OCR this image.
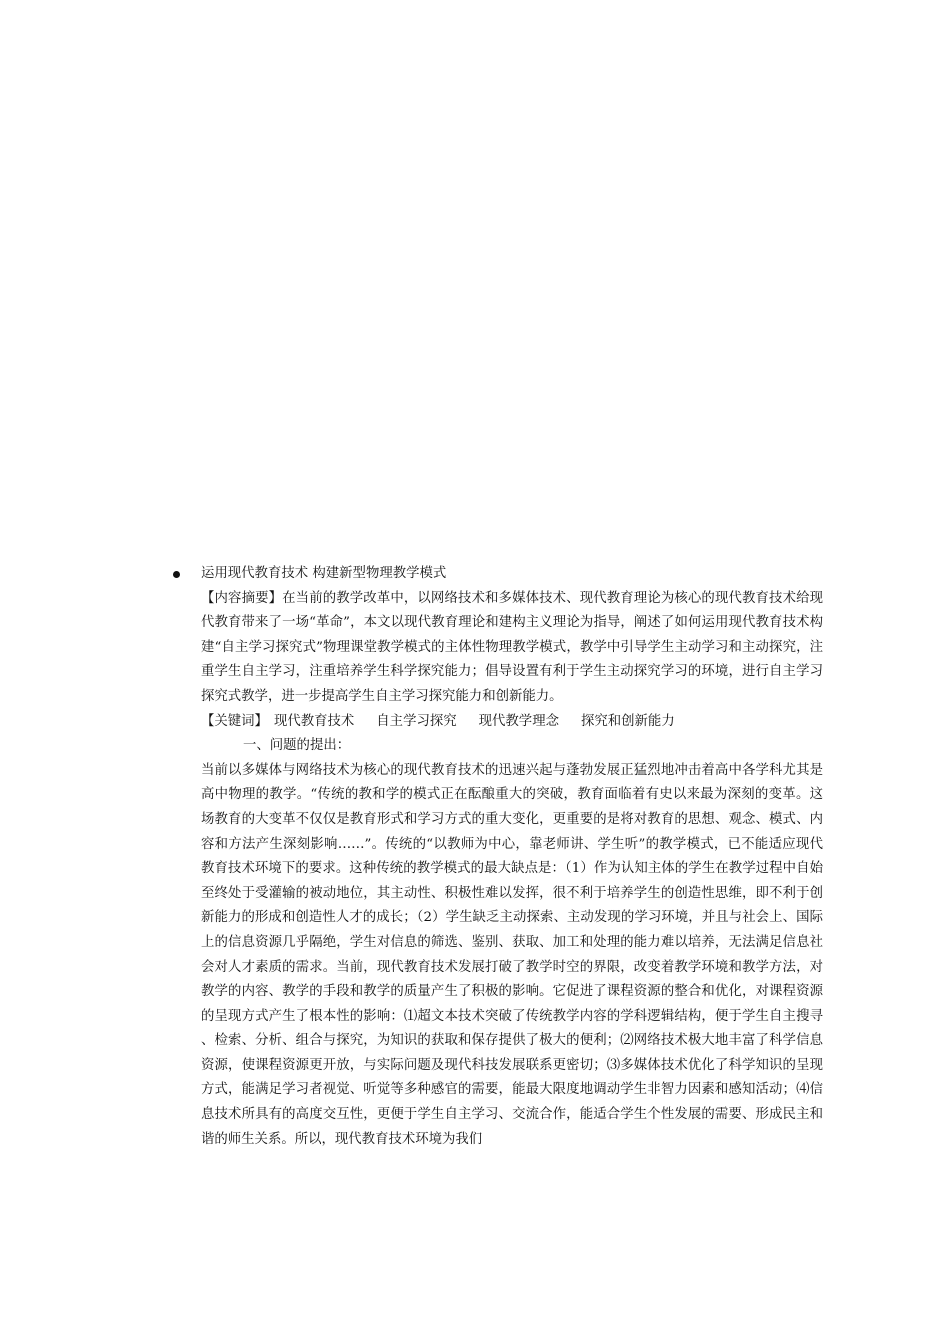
运用现代教育技术 构建新型物理教学模式

【内容摘要】在当前的教学改革中，以网络技术和多媒体技术、现代教育理论为核心的现代教育技术给现代教育带来了一场“革命”，本文以现代教育理论和建构主义理论为指导，阐述了如何运用现代教育技术构建“自主学习探究式”物理课堂教学模式的主体性物理教学模式，教学中引导学生主动学习和主动探究，注重学生自主学习，注重培养学生科学探究能力；倡导设置有利于学生主动探究学习的环境，进行自主学习探究式教学，进一步提高学生自主学习探究能力和创新能力。

【关键词】 现代教育技术 自主学习探究 现代教学理念 探究和创新能力

一、问题的提出：

当前以多媒体与网络技术为核心的现代教育技术的迅速兴起与蓬勃发展正猛烈地冲击着高中各学科尤其是高中物理的教学。“传统的教和学的模式正在酝酿重大的突破，教育面临着有史以来最为深刻的变革。这场教育的大变革不仅仅是教育形式和学习方式的重大变化，更重要的是将对教育的思想、观念、模式、内容和方法产生深刻影响……”。传统的“以教师为中心，靠老师讲、学生听”的教学模式，已不能适应现代教育技术环境下的要求。这种传统的教学模式的最大缺点是：（1）作为认知主体的学生在教学过程中自始至终处于受灌输的被动地位，其主动性、积极性难以发挥，很不利于培养学生的创造性思维，即不利于创新能力的形成和创造性人才的成长；（2）学生缺乏主动探索、主动发现的学习环境，并且与社会上、国际上的信息资源几乎隔绝，学生对信息的筛选、鉴别、获取、加工和处理的能力难以培养，无法满足信息社会对人才素质的需求。当前，现代教育技术发展打破了教学时空的界限，改变着教学环境和教学方法，对教学的内容、教学的手段和教学的质量产生了积极的影响。它促进了课程资源的整合和优化，对课程资源的呈现方式产生了根本性的影响：⑴超文本技术突破了传统教学内容的学科逻辑结构，便于学生自主搜寻、检索、分析、组合与探究，为知识的获取和保存提供了极大的便利；⑵网络技术极大地丰富了科学信息资源，使课程资源更开放，与实际问题及现代科技发展联系更密切；⑶多媒体技术优化了科学知识的呈现方式，能满足学习者视觉、听觉等多种感官的需要，能最大限度地调动学生非智力因素和感知活动；⑷信息技术所具有的高度交互性，更便于学生自主学习、交流合作，能适合学生个性发展的需要、形成民主和谐的师生关系。所以，现代教育技术环境为我们
